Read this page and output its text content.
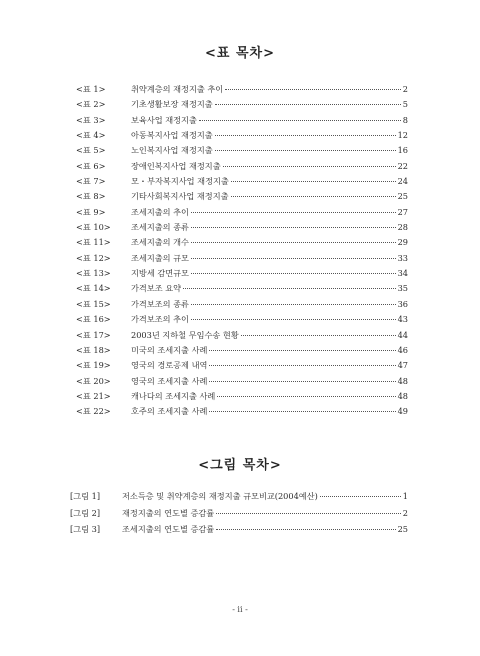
<표 목차>
<표 1>	취약계층의 재정지출 추이	2
<표 2>	기초생활보장 재정지출	5
<표 3>	보육사업 재정지출	8
<표 4>	아동복지사업 재정지출	12
<표 5>	노인복지사업 재정지출	16
<표 6>	장애인복지사업 재정지출	22
<표 7>	모・부자복지사업 재정지출	24
<표 8>	기타사회복지사업 재정지출	25
<표 9>	조세지출의 추이	27
<표 10>	조세지출의 종류	28
<표 11>	조세지출의 개수	29
<표 12>	조세지출의 규모	33
<표 13>	지방세 감면규모	34
<표 14>	가격보조 요약	35
<표 15>	가격보조의 종류	36
<표 16>	가격보조의 추이	43
<표 17>	2003년 지하철 무임수송 현황	44
<표 18>	미국의 조세지출 사례	46
<표 19>	영국의 경로공제 내역	47
<표 20>	영국의 조세지출 사례	48
<표 21>	캐나다의 조세지출 사례	48
<표 22>	호주의 조세지출 사례	49
<그림 목차>
[그림 1]	저소득층 및 취약계층의 재정지출 규모비교(2004예산)	1
[그림 2]	재정지출의 연도별 증감률	2
[그림 3]	조세지출의 연도별 증감률	25
- ii -
